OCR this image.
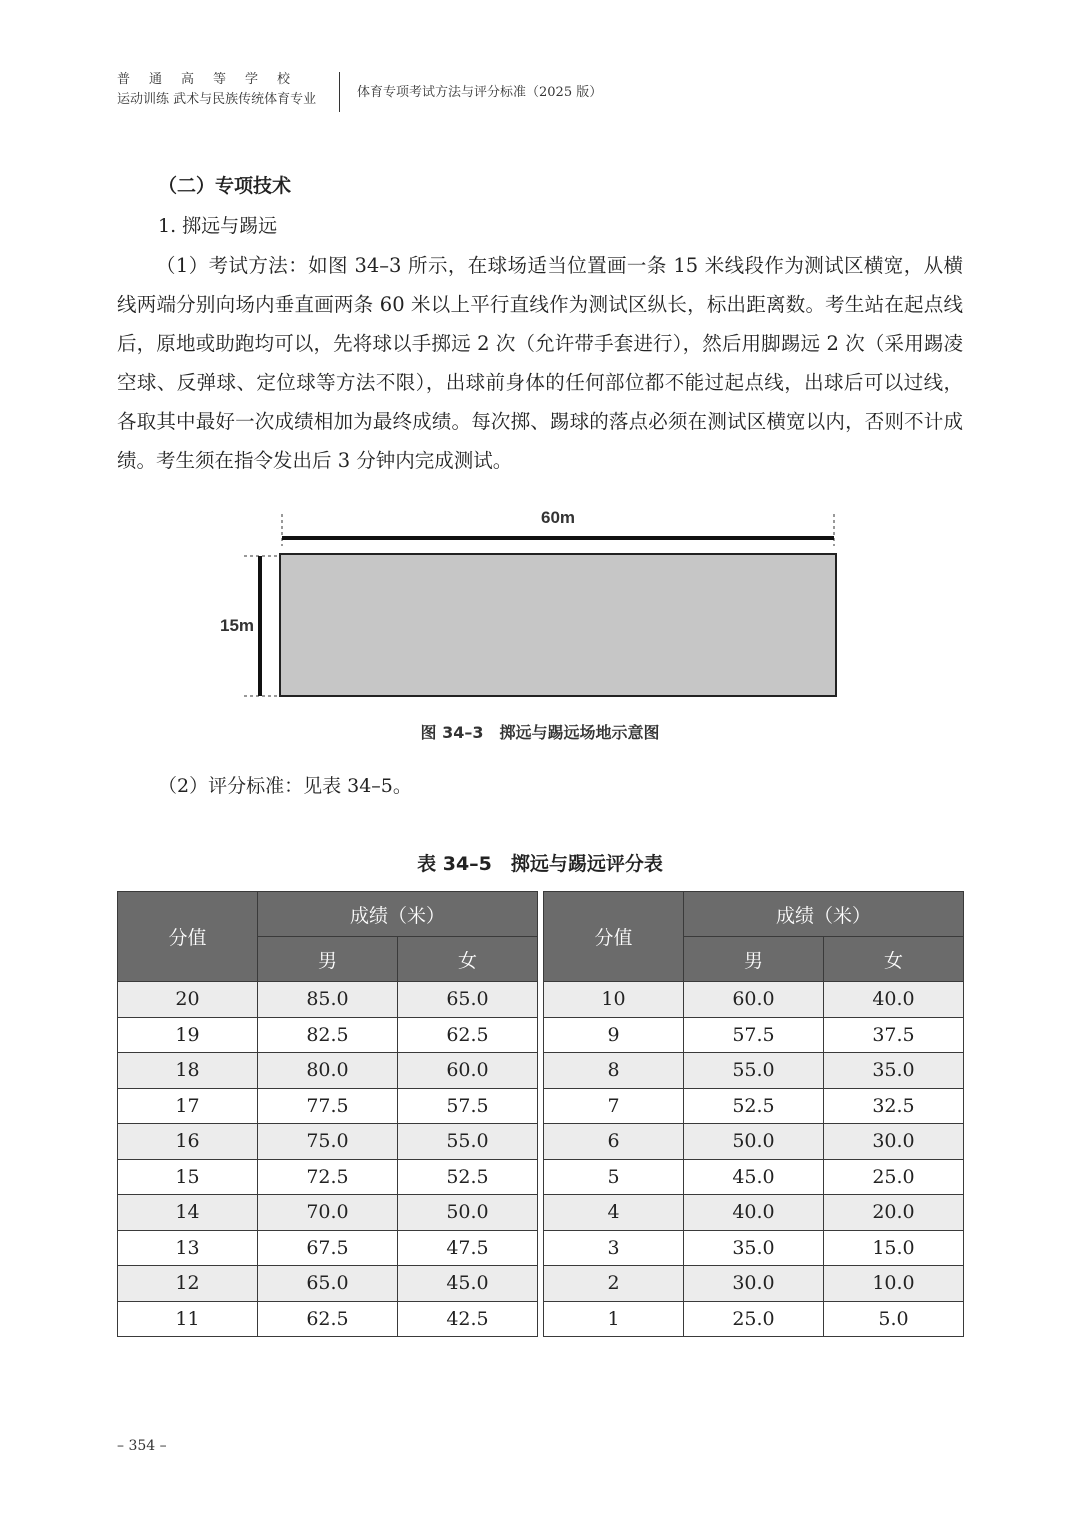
普通高等学校
运动训练 武术与民族传统体育专业	体育专项考试方法与评分标准（2025 版）
（二）专项技术
1. 掷远与踢远
（1）考试方法：如图 34–3 所示，在球场适当位置画一条 15 米线段作为测试区横宽，从横线两端分别向场内垂直画两条 60 米以上平行直线作为测试区纵长，标出距离数。考生站在起点线后，原地或助跑均可以，先将球以手掷远 2 次（允许带手套进行），然后用脚踢远 2 次（采用踢凌空球、反弹球、定位球等方法不限），出球前身体的任何部位都不能过起点线，出球后可以过线，各取其中最好一次成绩相加为最终成绩。每次掷、踢球的落点必须在测试区横宽以内，否则不计成绩。考生须在指令发出后 3 分钟内完成测试。
60m
15m
图 34–3　掷远与踢远场地示意图
（2）评分标准：见表 34–5。
表 34–5　掷远与踢远评分表
分值	成绩（米）	
	男	女
20	85.0	65.0
19	82.5	62.5
18	80.0	60.0
17	77.5	57.5
16	75.0	55.0
15	72.5	52.5
14	70.0	50.0
13	67.5	47.5
12	65.0	45.0
11	62.5	42.5
分值	成绩（米）	
	男	女
10	60.0	40.0
9	57.5	37.5
8	55.0	35.0
7	52.5	32.5
6	50.0	30.0
5	45.0	25.0
4	40.0	20.0
3	35.0	15.0
2	30.0	10.0
1	25.0	5.0
– 354 –
